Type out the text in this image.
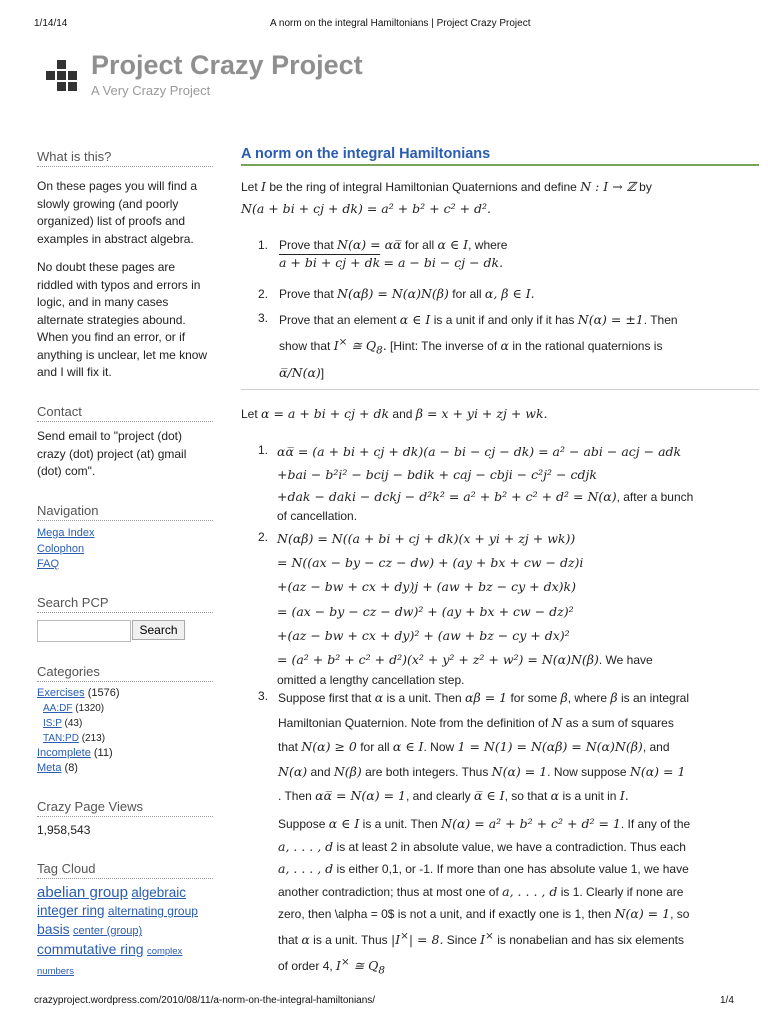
1/14/14	A norm on the integral Hamiltonians | Project Crazy Project
Project Crazy Project
A Very Crazy Project
What is this?
On these pages you will find a slowly growing (and poorly organized) list of proofs and examples in abstract algebra.
No doubt these pages are riddled with typos and errors in logic, and in many cases alternate strategies abound. When you find an error, or if anything is unclear, let me know and I will fix it.
Contact
Send email to "project (dot) crazy (dot) project (at) gmail (dot) com".
Navigation
Mega Index
Colophon
FAQ
Search PCP
Search
Categories
Exercises (1576)
AA:DF (1320)
IS:P (43)
TAN:PD (213)
Incomplete (11)
Meta (8)
Crazy Page Views
1,958,543
Tag Cloud
abelian group algebraic integer ring alternating group basis center (group) commutative ring complex numbers
A norm on the integral Hamiltonians
Let I be the ring of integral Hamiltonian Quaternions and define N : I → ℤ by
N(a + bi + cj + dk) = a² + b² + c² + d².
1. Prove that N(α) = αα̅ for all α ∈ I, where
a + bi + cj + dk = a − bi − cj − dk.
2. Prove that N(αβ) = N(α)N(β) for all α, β ∈ I.
3. Prove that an element α ∈ I is a unit if and only if it has N(α) = ±1. Then
show that I× ≅ $Q_8$. [Hint: The inverse of α in the rational quaternions is
α̅/N(α)]
Let α = a + bi + cj + dk and β = x + yi + zj + wk.
1. αα̅ = (a + bi + cj + dk)(a − bi − cj − dk) = a² − abi − acj − adk
+bai − b²i² − bcij − bdik + caj − cbji − c²j² − cdjk
+dak − daki − dckj − d²k² = a² + b² + c² + d² = N(α), after a bunch
of cancellation.
2. N(αβ) = N((a + bi + cj + dk)(x + yi + zj + wk))
= N((ax − by − cz − dw) + (ay + bx + cw − dz)i
+(az − bw + cx + dy)j + (aw + bz − cy + dx)k)
= (ax − by − cz − dw)² + (ay + bx + cw − dz)²
+(az − bw + cx + dy)² + (aw + bz − cy + dx)²
= (a² + b² + c² + d²)(x² + y² + z² + w²) = N(α)N(β). We have
omitted a lengthy cancellation step.
3. Suppose first that α is a unit. Then αβ = 1 for some β, where β is an integral
Hamiltonian Quaternion. Note from the definition of N as a sum of squares
that N(α) ≥ 0 for all α ∈ I. Now 1 = N(1) = N(αβ) = N(α)N(β), and
N(α) and N(β) are both integers. Thus N(α) = 1. Now suppose N(α) = 1
. Then αα̅ = N(α) = 1, and clearly α̅ ∈ I, so that α is a unit in I.
Suppose α ∈ I is a unit. Then N(α) = a² + b² + c² + d² = 1. If any of the
a, . . . , d is at least 2 in absolute value, we have a contradiction. Thus each
a, . . . , d is either 0,1, or -1. If more than one has absolute value 1, we have
another contradiction; thus at most one of a, . . . , d is 1. Clearly if none are
zero, then \alpha = 0$ is not a unit, and if exactly one is 1, then N(α) = 1, so
that α is a unit. Thus |I×| = 8. Since I× is nonabelian and has six elements
of order 4, I× ≅ $Q_8$
crazyproject.wordpress.com/2010/08/11/a-norm-on-the-integral-hamiltonians/	1/4
